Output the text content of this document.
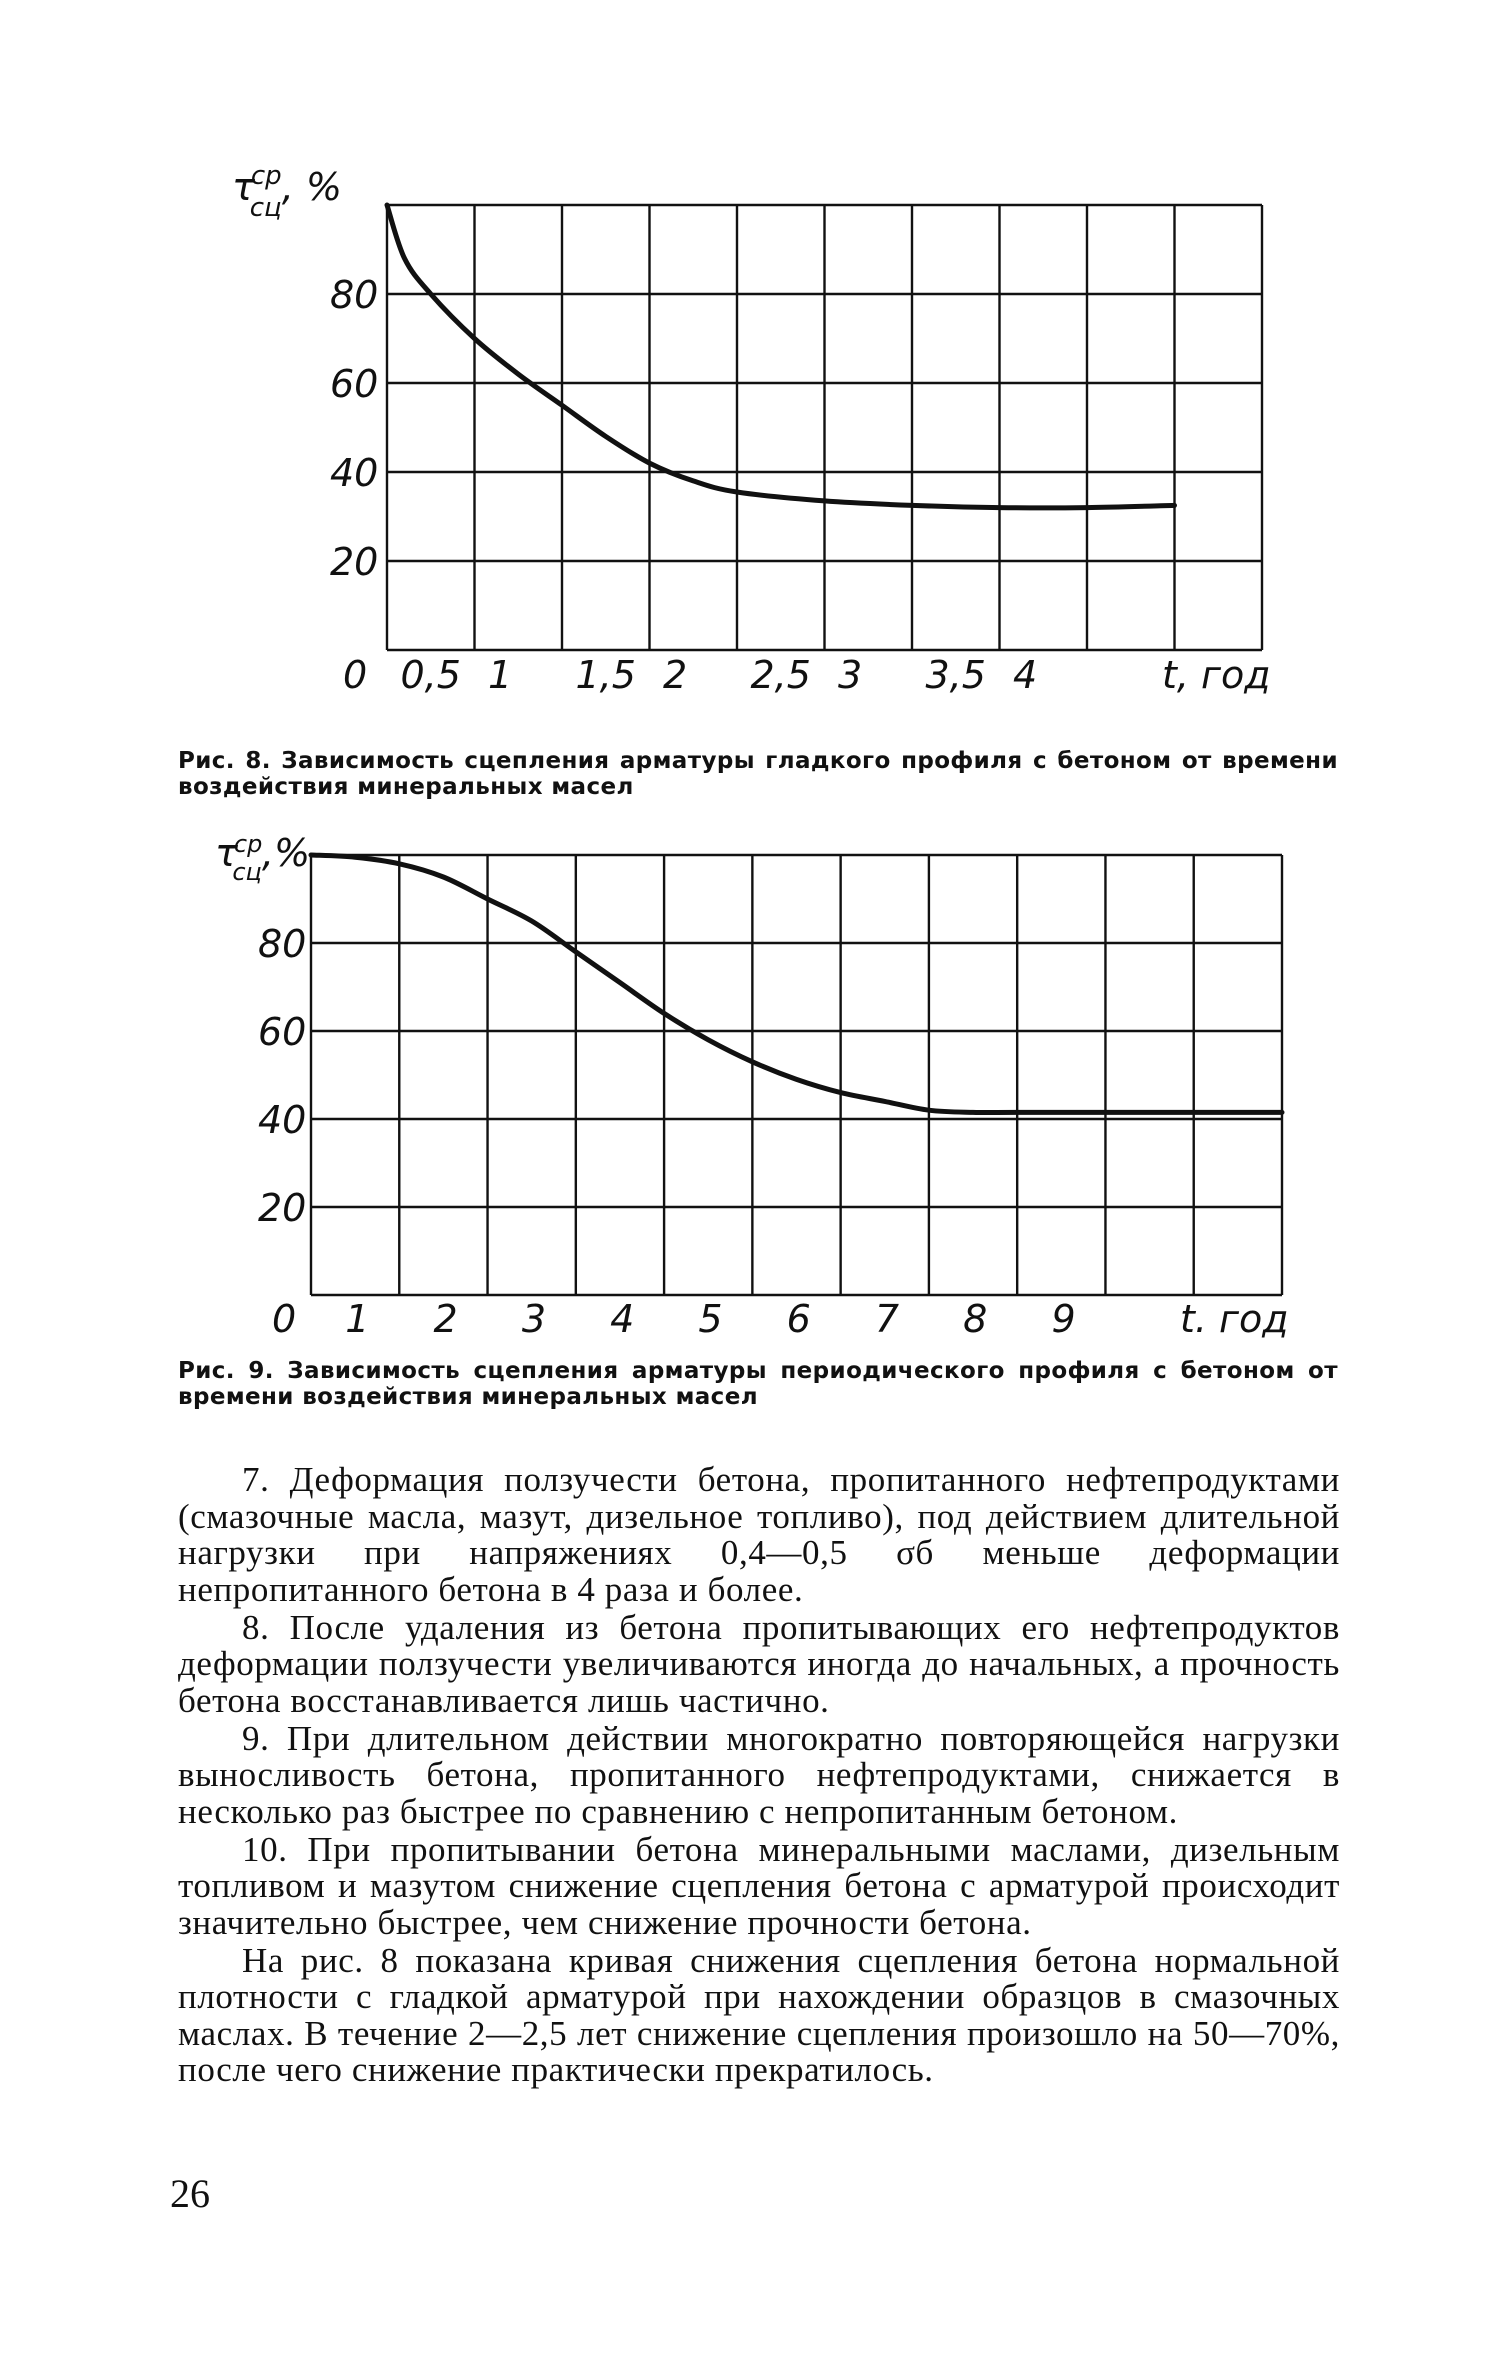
0 0,5 1 1,5 2 2,5 3 3,5 4
80
60
40
20
τср сц, %
t, год
Рис. 8. Зависимость сцепления арматуры гладкого профиля с бетоном от времени воздействия минеральных масел
0 1 2 3 4 5 6 7 8 9
80
60
40
20
τср сц,%
t. год
Рис. 9. Зависимость сцепления арматуры периодического профиля с бетоном от времени воздействия минеральных масел

7. Деформация ползучести бетона, пропитанного нефтепродуктами (смазочные масла, мазут, дизельное топливо), под действием длительной нагрузки при напряжениях 0,4—0,5 σб меньше деформации непропитанного бетона в 4 раза и более.

8. После удаления из бетона пропитывающих его нефтепродуктов деформации ползучести увеличиваются иногда до начальных, а прочность бетона восстанавливается лишь частично.

9. При длительном действии многократно повторяющейся нагрузки выносливость бетона, пропитанного нефтепродуктами, снижается в несколько раз быстрее по сравнению с непропитанным бетоном.

10. При пропитывании бетона минеральными маслами, дизельным топливом и мазутом снижение сцепления бетона с арматурой происходит значительно быстрее, чем снижение прочности бетона.

На рис. 8 показана кривая снижения сцепления бетона нормальной плотности с гладкой арматурой при нахождении образцов в смазочных маслах. В течение 2—2,5 лет снижение сцепления произошло на 50—70%, после чего снижение практически прекратилось.

26
